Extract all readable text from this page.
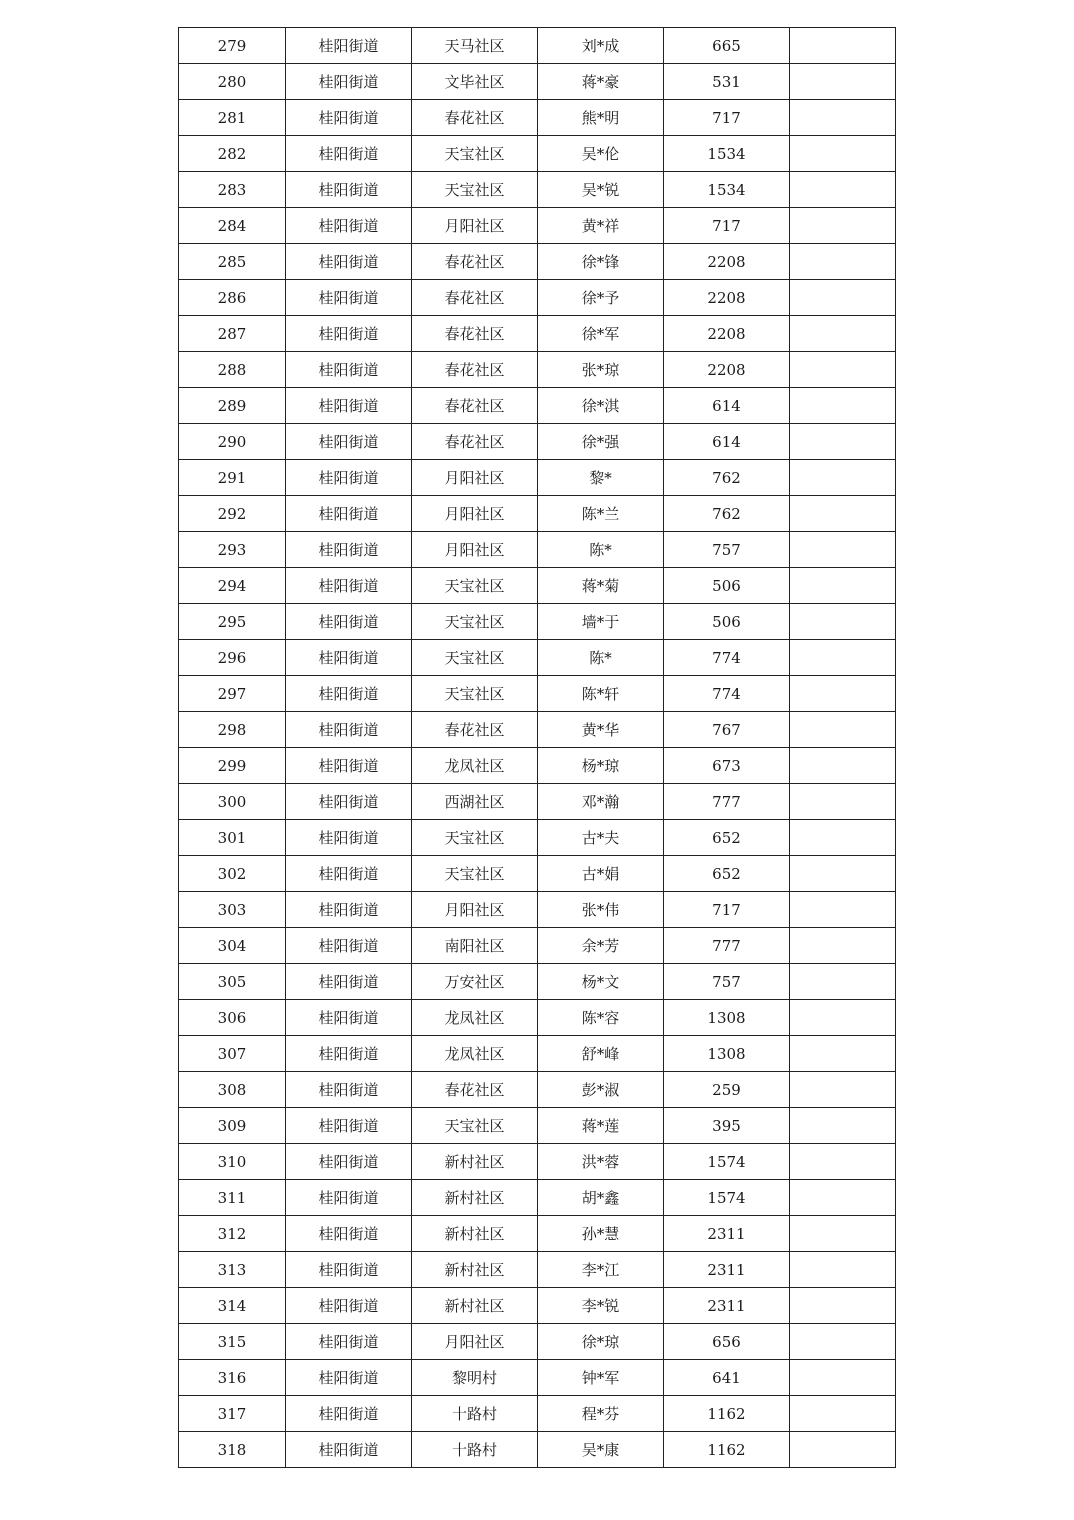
279	桂阳街道	天马社区	刘*成	665	
280	桂阳街道	文毕社区	蒋*豪	531	
281	桂阳街道	春花社区	熊*明	717	
282	桂阳街道	天宝社区	吴*伦	1534	
283	桂阳街道	天宝社区	吴*锐	1534	
284	桂阳街道	月阳社区	黄*祥	717	
285	桂阳街道	春花社区	徐*锋	2208	
286	桂阳街道	春花社区	徐*予	2208	
287	桂阳街道	春花社区	徐*军	2208	
288	桂阳街道	春花社区	张*琼	2208	
289	桂阳街道	春花社区	徐*淇	614	
290	桂阳街道	春花社区	徐*强	614	
291	桂阳街道	月阳社区	黎*	762	
292	桂阳街道	月阳社区	陈*兰	762	
293	桂阳街道	月阳社区	陈*	757	
294	桂阳街道	天宝社区	蒋*菊	506	
295	桂阳街道	天宝社区	墙*于	506	
296	桂阳街道	天宝社区	陈*	774	
297	桂阳街道	天宝社区	陈*轩	774	
298	桂阳街道	春花社区	黄*华	767	
299	桂阳街道	龙凤社区	杨*琼	673	
300	桂阳街道	西湖社区	邓*瀚	777	
301	桂阳街道	天宝社区	古*夫	652	
302	桂阳街道	天宝社区	古*娟	652	
303	桂阳街道	月阳社区	张*伟	717	
304	桂阳街道	南阳社区	余*芳	777	
305	桂阳街道	万安社区	杨*文	757	
306	桂阳街道	龙凤社区	陈*容	1308	
307	桂阳街道	龙凤社区	舒*峰	1308	
308	桂阳街道	春花社区	彭*淑	259	
309	桂阳街道	天宝社区	蒋*莲	395	
310	桂阳街道	新村社区	洪*蓉	1574	
311	桂阳街道	新村社区	胡*鑫	1574	
312	桂阳街道	新村社区	孙*慧	2311	
313	桂阳街道	新村社区	李*江	2311	
314	桂阳街道	新村社区	李*锐	2311	
315	桂阳街道	月阳社区	徐*琼	656	
316	桂阳街道	黎明村	钟*军	641	
317	桂阳街道	十路村	程*芬	1162	
318	桂阳街道	十路村	吴*康	1162	
